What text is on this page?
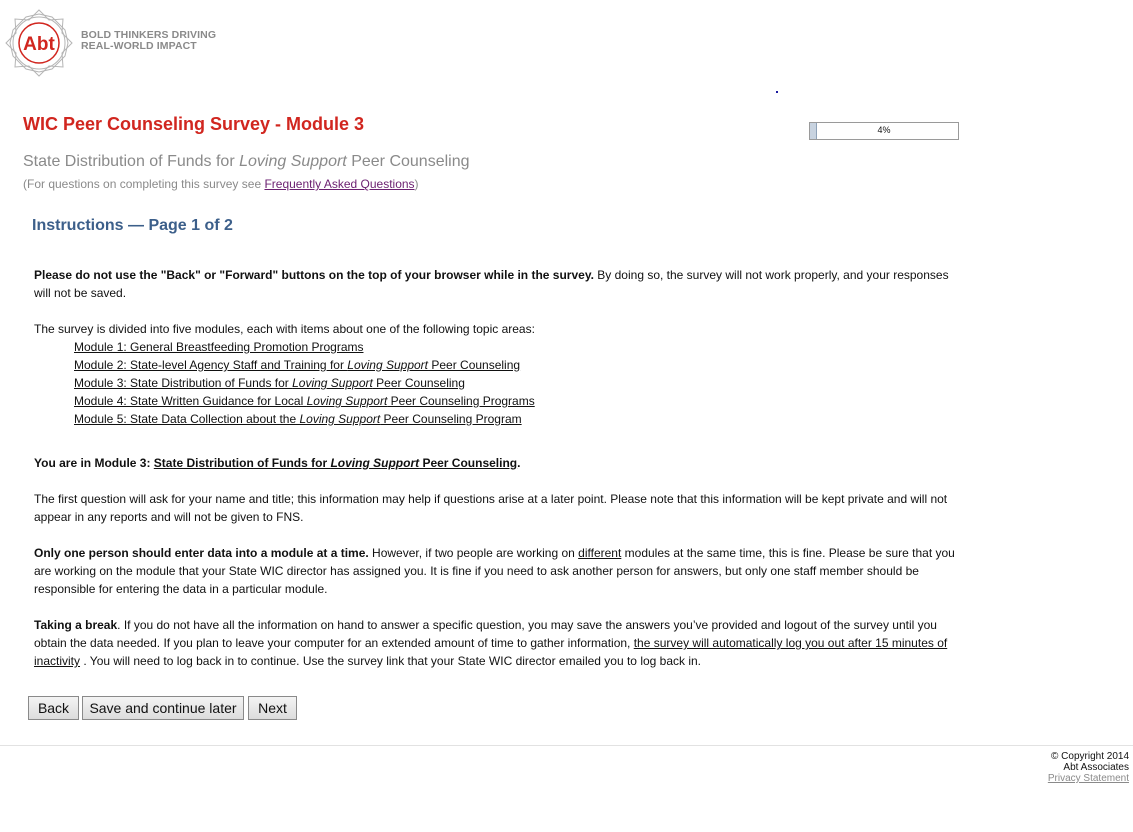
Abt BOLD THINKERS DRIVING
REAL-WORLD IMPACT
WIC Peer Counseling Survey - Module 3	4%
State Distribution of Funds for Loving Support Peer Counseling
(For questions on completing this survey see Frequently Asked Questions)
Instructions — Page 1 of 2

Please do not use the "Back" or "Forward" buttons on the top of your browser while in the survey. By doing so, the survey will not work properly, and your responses will not be saved.

The survey is divided into five modules, each with items about one of the following topic areas:
Module 1: General Breastfeeding Promotion Programs
Module 2: State-level Agency Staff and Training for Loving Support Peer Counseling
Module 3: State Distribution of Funds for Loving Support Peer Counseling
Module 4: State Written Guidance for Local Loving Support Peer Counseling Programs
Module 5: State Data Collection about the Loving Support Peer Counseling Program

You are in Module 3: State Distribution of Funds for Loving Support Peer Counseling.

The first question will ask for your name and title; this information may help if questions arise at a later point. Please note that this information will be kept private and will not appear in any reports and will not be given to FNS.

Only one person should enter data into a module at a time. However, if two people are working on different modules at the same time, this is fine. Please be sure that you are working on the module that your State WIC director has assigned you. It is fine if you need to ask another person for answers, but only one staff member should be responsible for entering the data in a particular module.

Taking a break. If you do not have all the information on hand to answer a specific question, you may save the answers you’ve provided and logout of the survey until you obtain the data needed. If you plan to leave your computer for an extended amount of time to gather information, the survey will automatically log you out after 15 minutes of inactivity . You will need to log back in to continue. Use the survey link that your State WIC director emailed you to log back in.

Back	Save and continue later	Next
© Copyright 2014
Abt Associates
Privacy Statement
